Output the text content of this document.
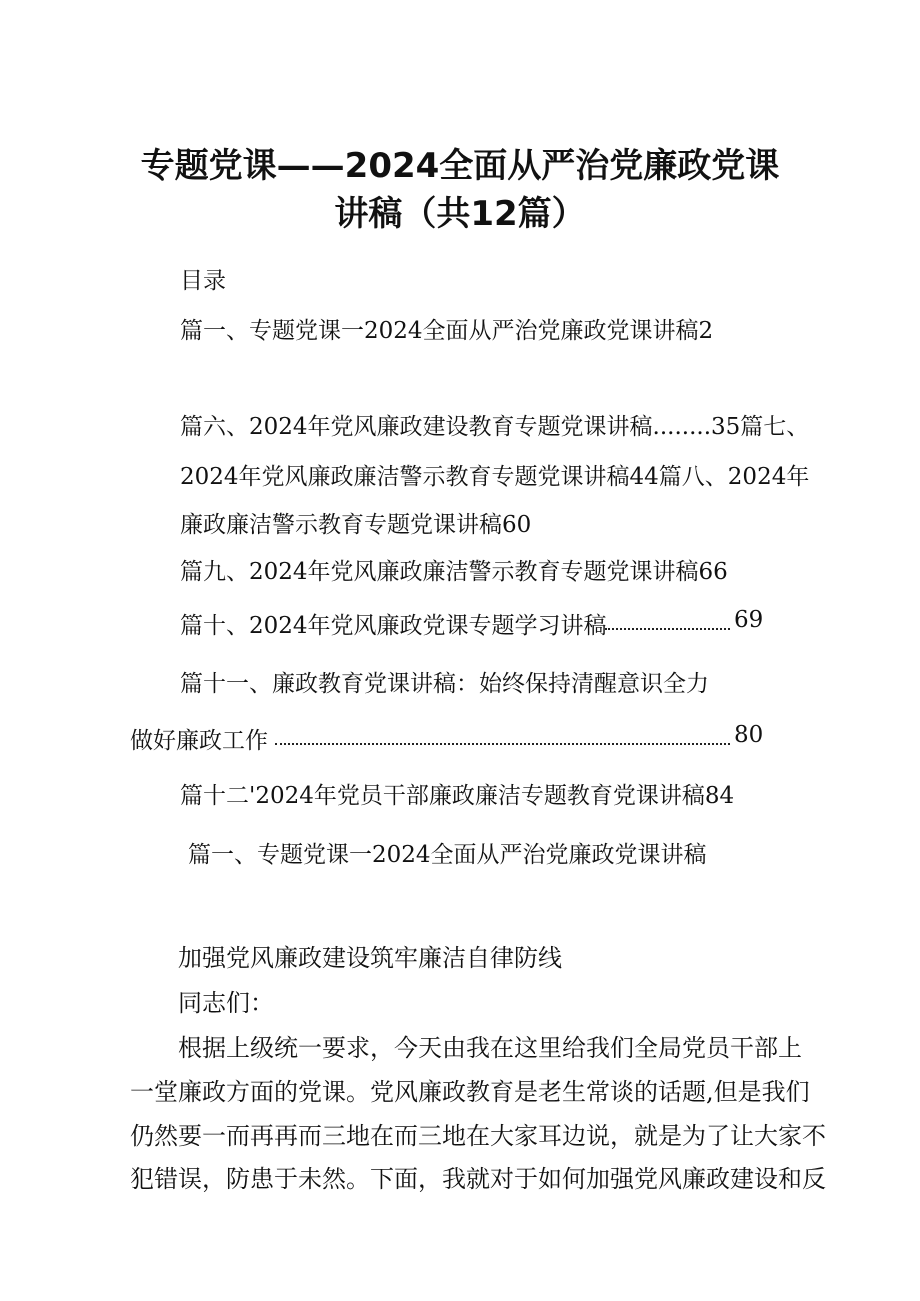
专题党课——2024全面从严治党廉政党课
讲稿（共12篇）
目录
篇一、专题党课一2024全面从严治党廉政党课讲稿2
篇六、2024年党风廉政建设教育专题党课讲稿........35篇七、
2024年党风廉政廉洁警示教育专题党课讲稿44篇八、2024年
廉政廉洁警示教育专题党课讲稿60
篇九、2024年党风廉政廉洁警示教育专题党课讲稿66
篇十、2024年党风廉政党课专题学习讲稿	69
篇十一、廉政教育党课讲稿：始终保持清醒意识全力
做好廉政工作	80
篇十二'2024年党员干部廉政廉洁专题教育党课讲稿84
篇一、专题党课一2024全面从严治党廉政党课讲稿
加强党风廉政建设筑牢廉洁自律防线
同志们：
根据上级统一要求，今天由我在这里给我们全局党员干部上
一堂廉政方面的党课。党风廉政教育是老生常谈的话题,但是我们
仍然要一而再再而三地在而三地在大家耳边说，就是为了让大家不
犯错误，防患于未然。下面，我就对于如何加强党风廉政建设和反
